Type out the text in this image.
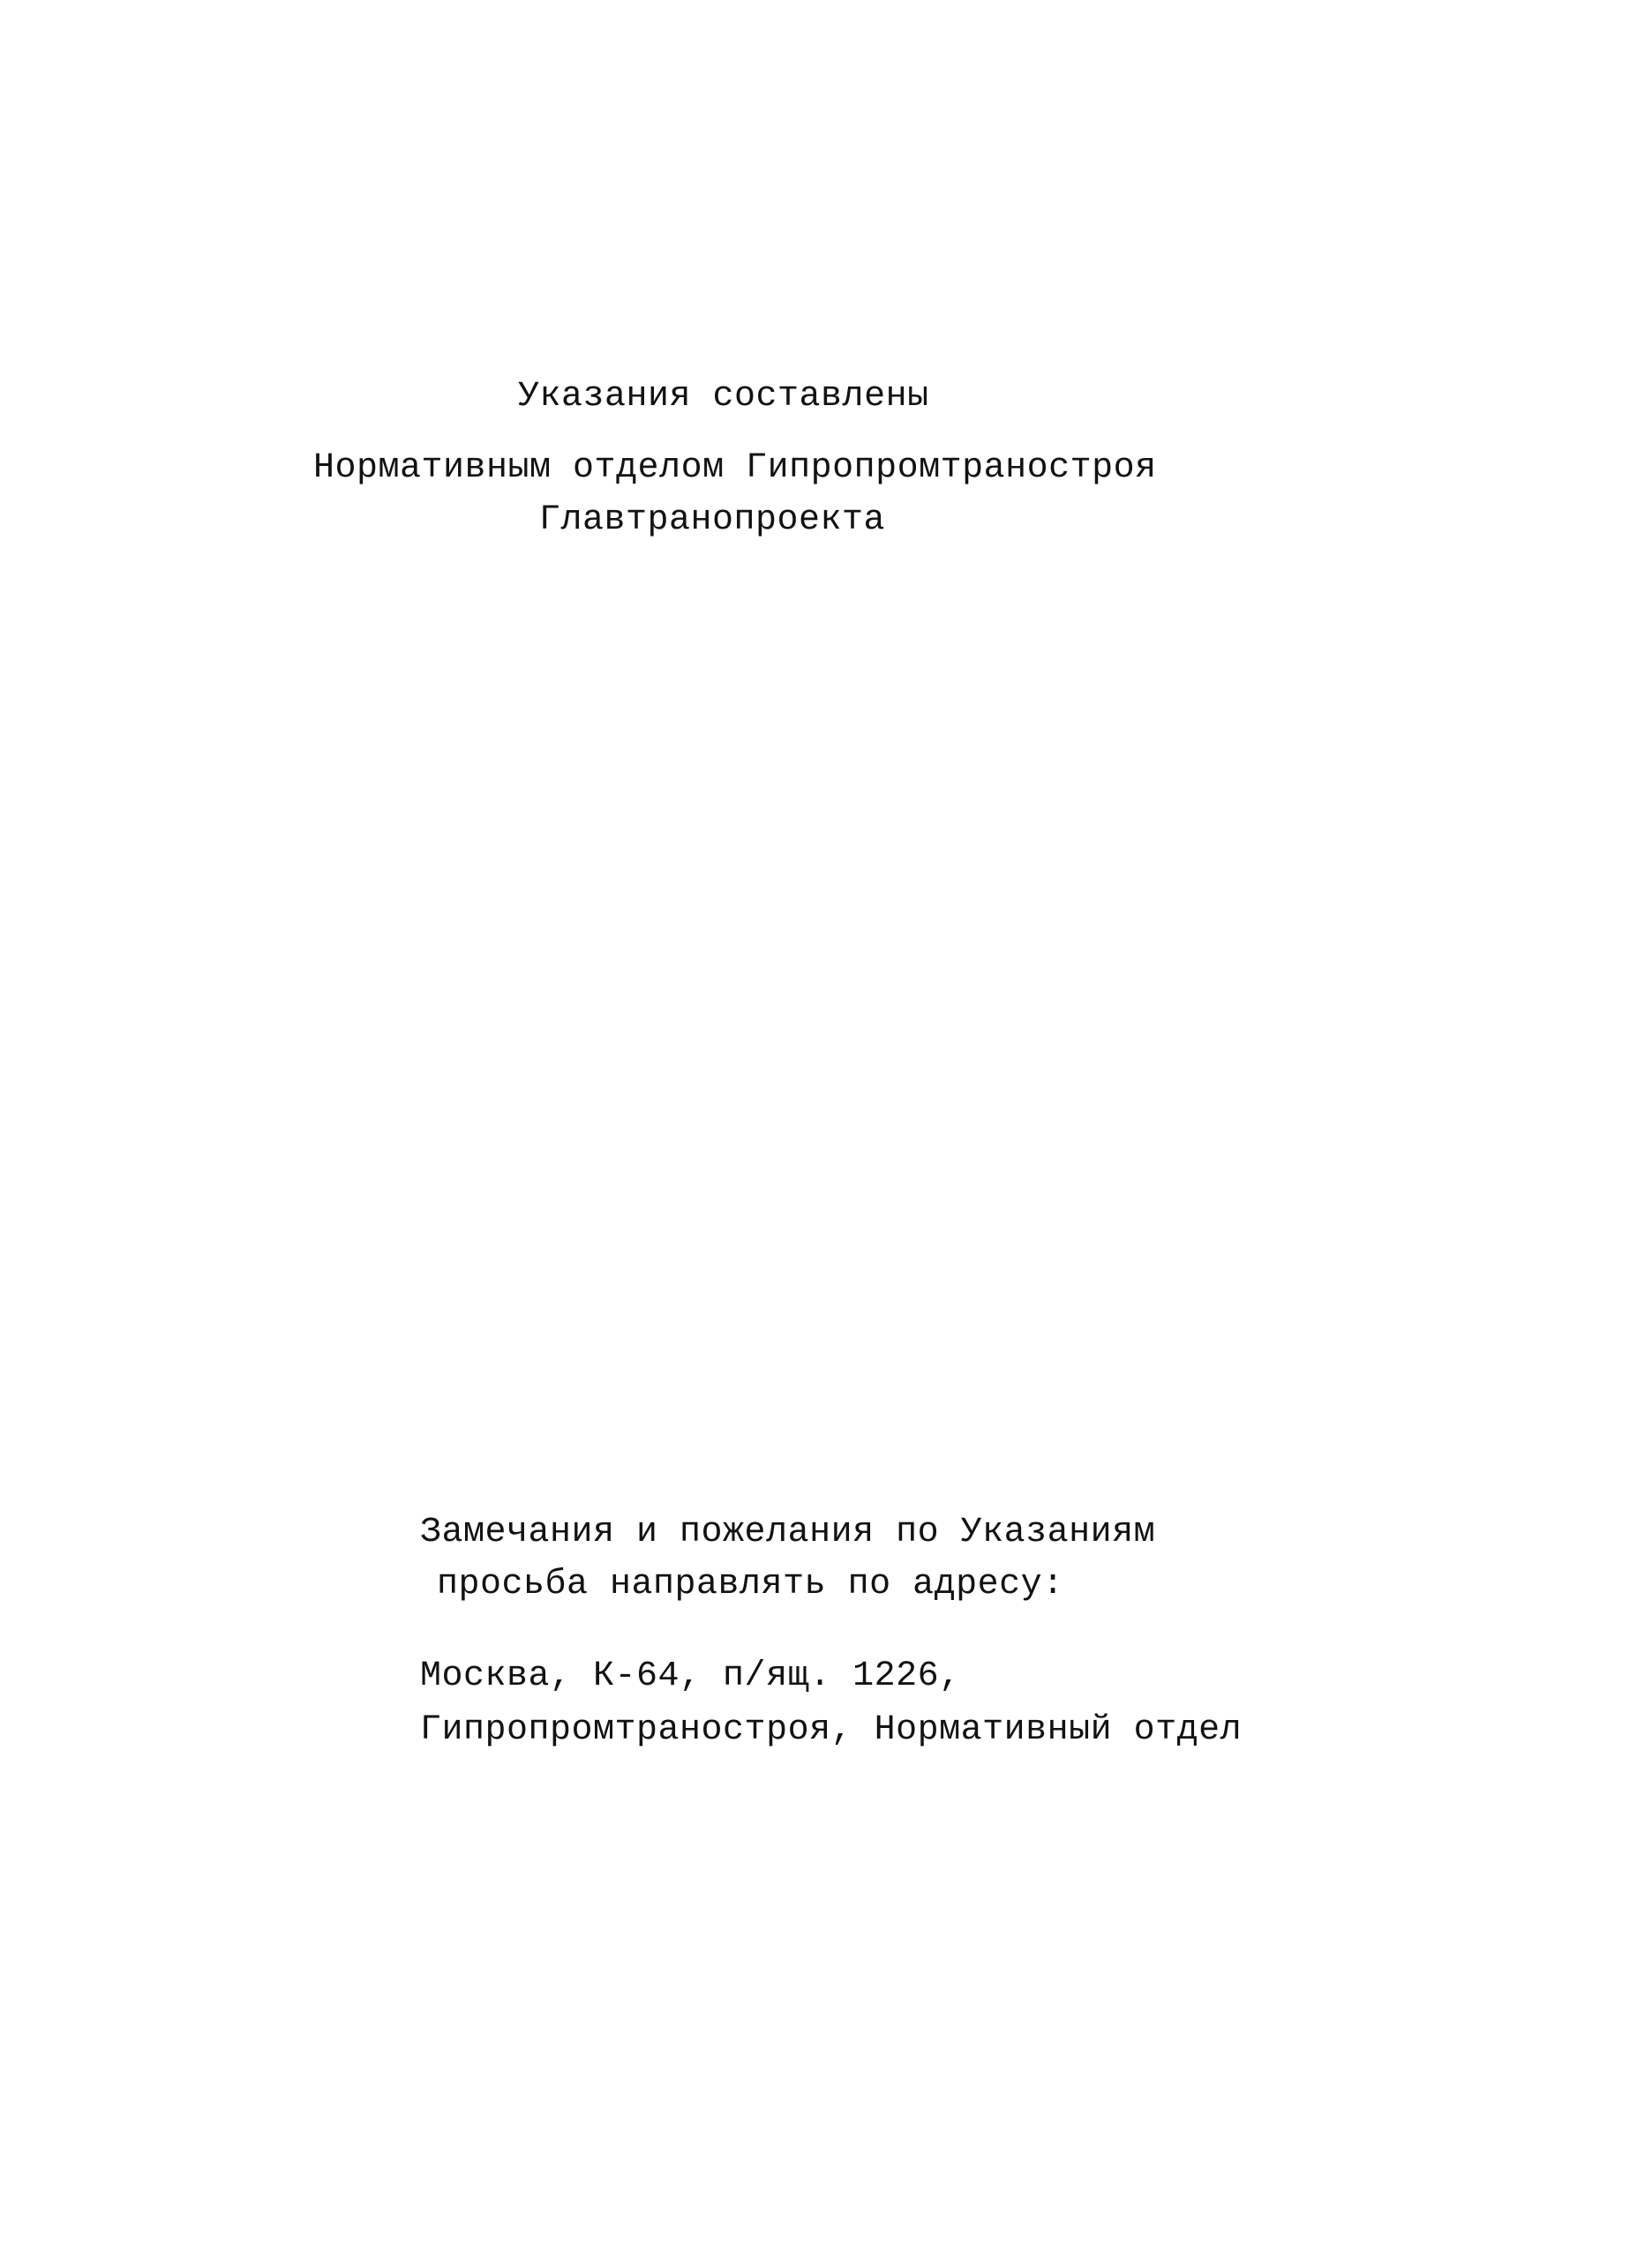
Указания составлены
Нормативным отделом Гипропромтраностроя
Главтранопроекта
Замечания и пожелания по Указаниям
просьба направлять по адресу:
Москва, К-64, п/ящ. 1226,
Гипропромтраностроя, Нормативный отдел
